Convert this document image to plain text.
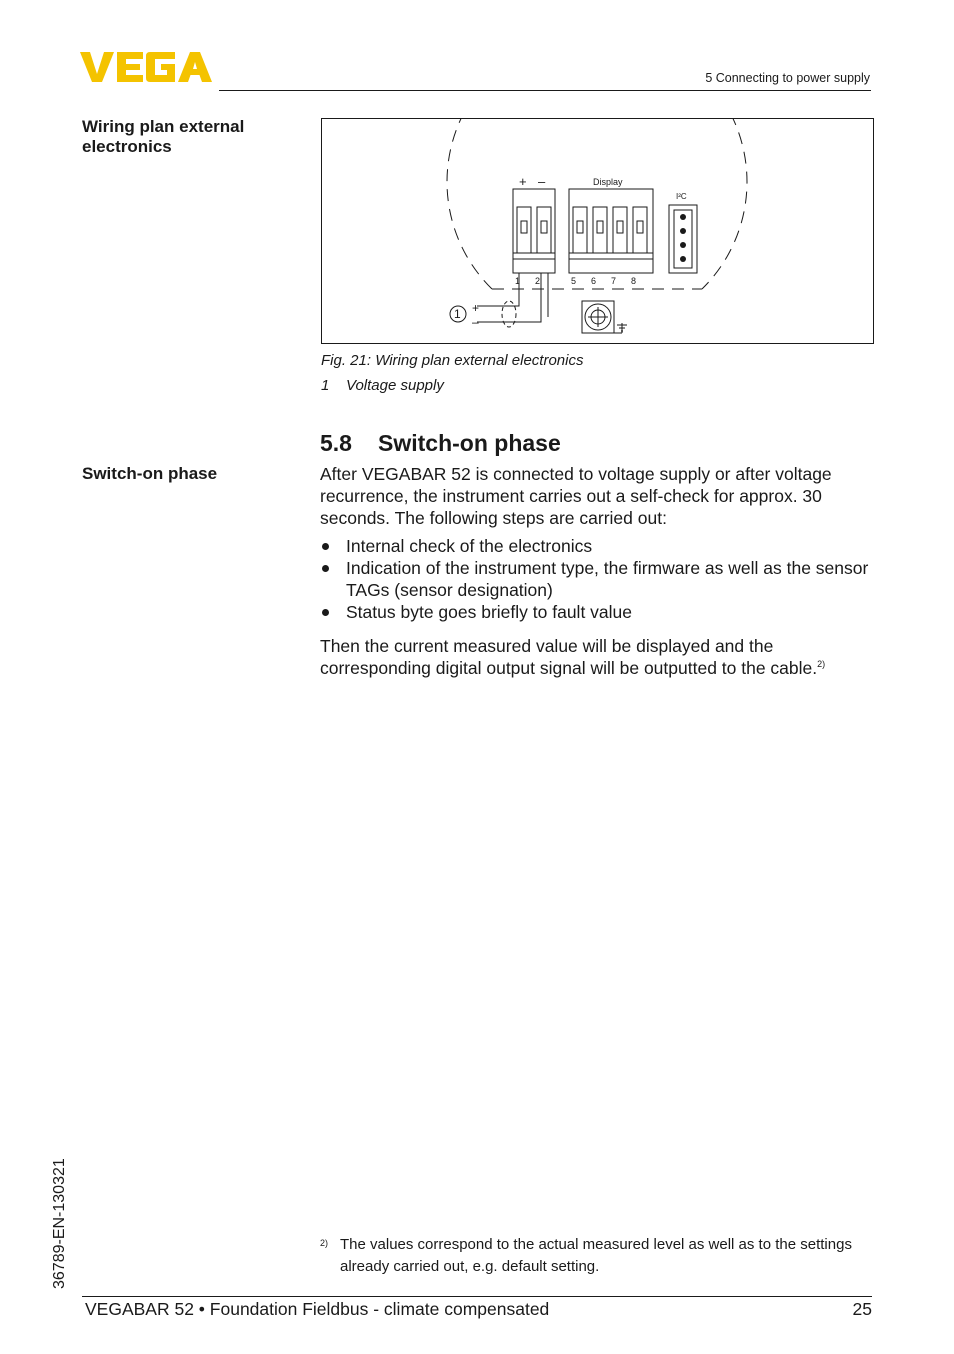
5 Connecting to power supply
Wiring plan external electronics
Display
I²C
+ –
1 2	5 6 7 8
+
–
1
Fig. 21: Wiring plan external electronics
1 Voltage supply
5.8 Switch-on phase
Switch-on phase	After VEGABAR 52 is connected to voltage supply or after voltage recurrence, the instrument carries out a self-check for approx. 30 seconds. The following steps are carried out:
Internal check of the electronics
Indication of the instrument type, the firmware as well as the sensor TAGs (sensor designation)
Status byte goes briefly to fault value
Then the current measured value will be displayed and the corresponding digital output signal will be outputted to the cable.$^{2)}$
2) The values correspond to the actual measured level as well as to the settings already carried out, e.g. default setting.
36789-EN-130321
VEGABAR 52 • Foundation Fieldbus - climate compensated	25
